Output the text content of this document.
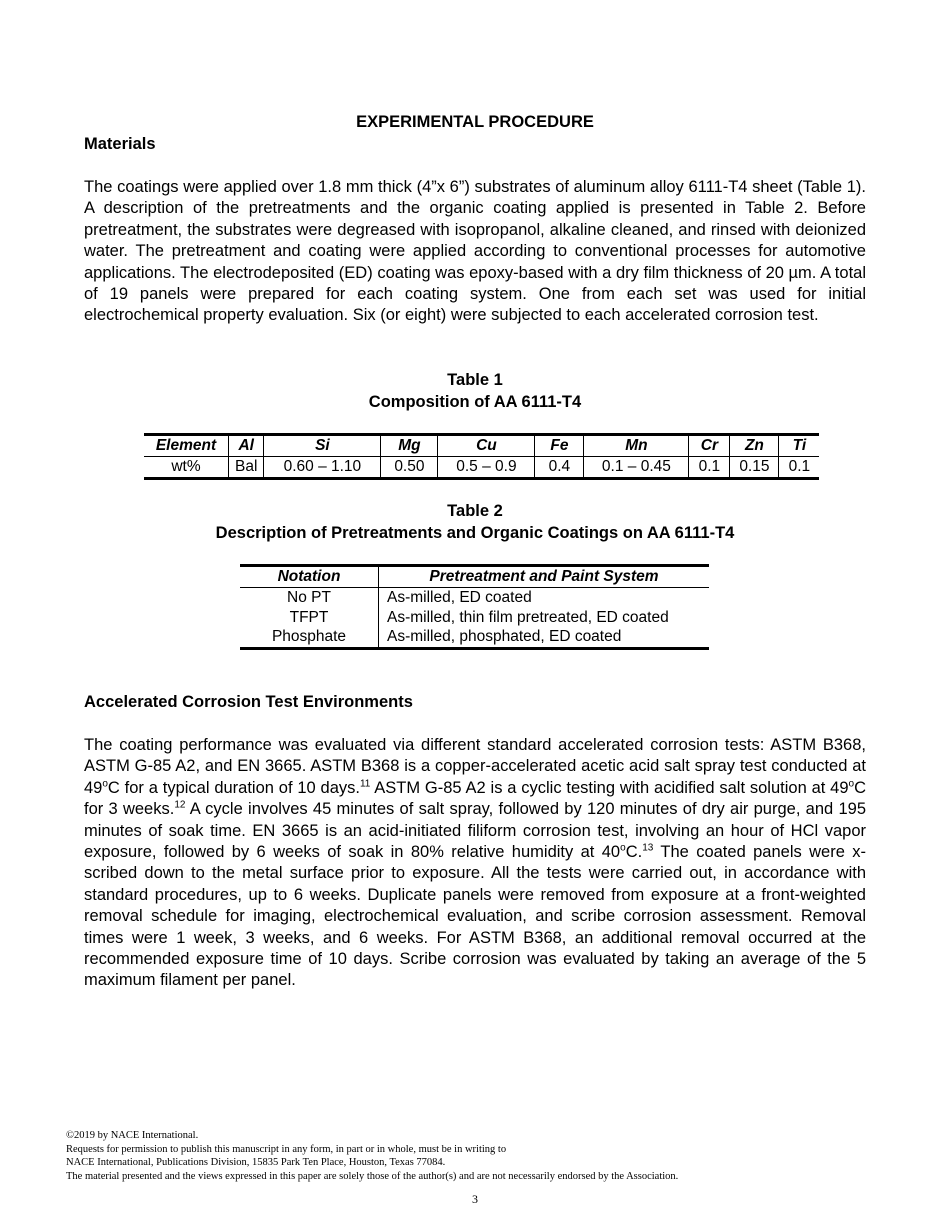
EXPERIMENTAL PROCEDURE
Materials
The coatings were applied over 1.8 mm thick (4”x 6”) substrates of aluminum alloy 6111-T4 sheet (Table 1). A description of the pretreatments and the organic coating applied is presented in Table 2. Before pretreatment, the substrates were degreased with isopropanol, alkaline cleaned, and rinsed with deionized water. The pretreatment and coating were applied according to conventional processes for automotive applications. The electrodeposited (ED) coating was epoxy-based with a dry film thickness of 20 µm. A total of 19 panels were prepared for each coating system. One from each set was used for initial electrochemical property evaluation. Six (or eight) were subjected to each accelerated corrosion test.
Table 1
Composition of AA 6111-T4
Element	Al	Si	Mg	Cu	Fe	Mn	Cr	Zn	Ti
wt%	Bal	0.60 – 1.10	0.50	0.5 – 0.9	0.4	0.1 – 0.45	0.1	0.15	0.1
Table 2
Description of Pretreatments and Organic Coatings on AA 6111-T4
Notation	Pretreatment and Paint System
No PT	As-milled, ED coated
TFPT	As-milled, thin film pretreated, ED coated
Phosphate	As-milled, phosphated, ED coated
Accelerated Corrosion Test Environments
The coating performance was evaluated via different standard accelerated corrosion tests: ASTM B368, ASTM G-85 A2, and EN 3665. ASTM B368 is a copper-accelerated acetic acid salt spray test conducted at 49$^o$C for a typical duration of 10 days.$^{11}$ ASTM G-85 A2 is a cyclic testing with acidified salt solution at 49$^o$C for 3 weeks.$^{12}$ A cycle involves 45 minutes of salt spray, followed by 120 minutes of dry air purge, and 195 minutes of soak time. EN 3665 is an acid-initiated filiform corrosion test, involving an hour of HCl vapor exposure, followed by 6 weeks of soak in 80% relative humidity at 40$^o$C.$^{13}$ The coated panels were x-scribed down to the metal surface prior to exposure. All the tests were carried out, in accordance with standard procedures, up to 6 weeks. Duplicate panels were removed from exposure at a front-weighted removal schedule for imaging, electrochemical evaluation, and scribe corrosion assessment. Removal times were 1 week, 3 weeks, and 6 weeks. For ASTM B368, an additional removal occurred at the recommended exposure time of 10 days. Scribe corrosion was evaluated by taking an average of the 5 maximum filament per panel.
©2019 by NACE International.
Requests for permission to publish this manuscript in any form, in part or in whole, must be in writing to
NACE International, Publications Division, 15835 Park Ten Place, Houston, Texas 77084.
The material presented and the views expressed in this paper are solely those of the author(s) and are not necessarily endorsed by the Association.
3
